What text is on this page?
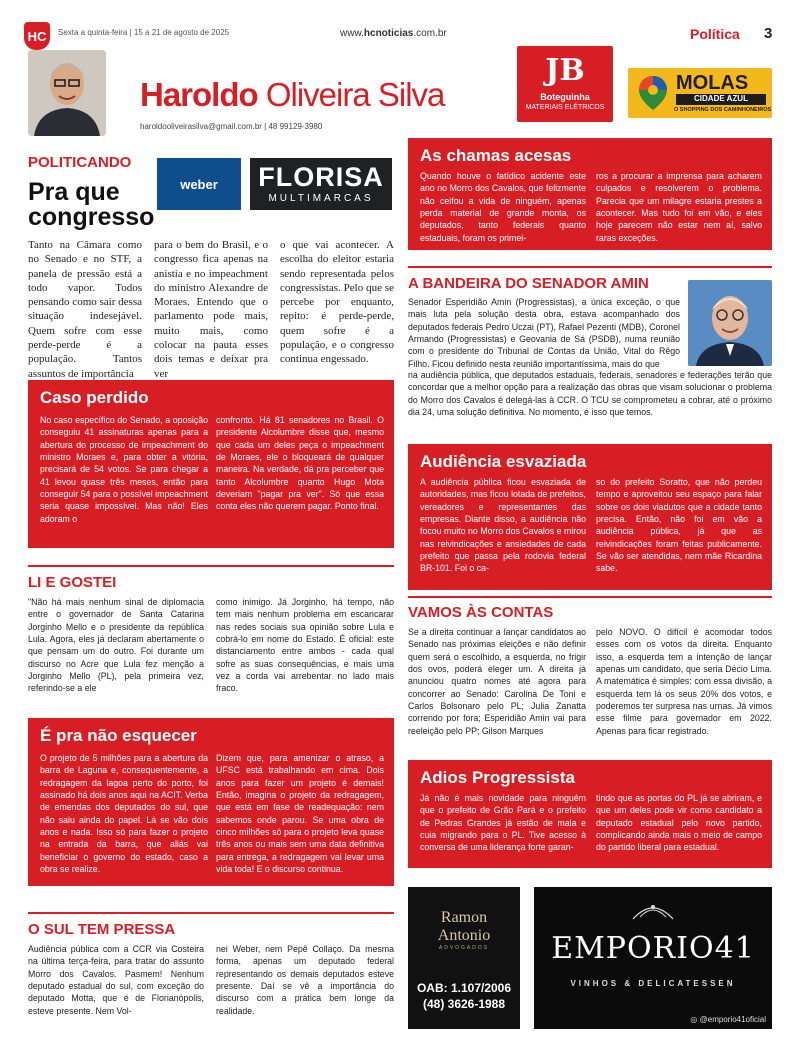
HC	Sexta a quinta-feira | 15 a 21 de agosto de 2025	www.hcnoticias.com.br	Política 3
Haroldo Oliveira Silva
haroldooliveirasilva@gmail.com.br | 48 99129-3980
JB
Boteguinha
MATERIAIS ELÉTRICOS
MOLAS
CIDADE AZUL
O SHOPPING DOS CAMINHONEIROS
POLITICANDO
Pra que
congresso
weber	FLORISA
MULTIMARCAS
Tanto na Câmara como no Senado e no STF, a panela de pressão está a todo vapor. Todos pensando como sair dessa situação indesejável. Quem sofre com esse perde-perde é a população. Tantos assuntos de importância
para o bem do Brasil, e o congresso fica apenas na anistia e no impeachment do ministro Alexandre de Moraes. Entendo que o parlamento pode mais, muito mais, como colocar na pauta esses dois temas e deixar pra ver
o que vai acontecer. A escolha do eleitor estaria sendo representada pelos congressistas. Pelo que se percebe por enquanto, repito: é perde-perde, quem sofre é a população, e o congresso continua engessado.
Caso perdido
No caso específico do Senado, a oposição conseguiu 41 assinaturas apenas para a abertura do processo de impeachment do ministro Moraes e, para obter a vitória, precisará de 54 votos. Se para chegar a 41 levou quase três meses, então para conseguir 54 para o possível impeachment seria quase impossível. Mas não! Eles adoram o
confronto. Há 81 senadores no Brasil. O presidente Alcolumbre disse que, mesmo que cada um deles peça o impeachment de Moraes, ele o bloqueará de qualquer maneira. Na verdade, dá pra perceber que tanto Alcolumbre quanto Hugo Mota deveriam "pagar pra ver". Só que essa conta eles não querem pagar. Ponto final.
LI E GOSTEI
"Não há mais nenhum sinal de diplomacia entre o governador de Santa Catarina Jorginho Mello e o presidente da república Lula. Agora, eles já declaram abertamente o que pensam um do outro. Foi durante um discurso no Acre que Lula fez menção a Jorginho Mello (PL), pela primeira vez, referindo-se a ele
como inimigo. Já Jorginho, há tempo, não tem mais nenhum problema em escancarar nas redes sociais sua opinião sobre Lula e cobrá-lo em nome do Estado. É oficial: este distanciamento entre ambos - cada qual sofre as suas consequências, e mais uma vez a corda vai arrebentar no lado mais fraco.
É pra não esquecer
O projeto de 5 milhões para a abertura da barra de Laguna e, consequentemente, a redragagem da lagoa perto do porto, foi assinado há dois anos aqui na ACIT. Verba de emendas dos deputados do sul, que não saiu ainda do papel. Lá se vão dois anos e nada. Isso só para fazer o projeto na entrada da barra, que aliás vai beneficiar o governo do estado, caso a obra se realize.
Dizem que, para amenizar o atraso, a UFSC está trabalhando em cima. Dois anos para fazer um projeto é demais! Então, imagina o projeto da redragagem, que está em fase de readequação: nem sabemos onde parou. Se uma obra de cinco milhões só para o projeto leva quase três anos ou mais sem uma data definitiva para entrega, a redragagem vai levar uma vida toda! E o discurso continua.
O SUL TEM PRESSA
Audiência pública com a CCR via Costeira na última terça-feira, para tratar do assunto Morro dos Cavalos. Pasmem! Nenhum deputado estadual do sul, com exceção do deputado Motta, que é de Florianópolis, esteve presente. Nem Vol-
nei Weber, nem Pepê Collaço. Da mesma forma, apenas um deputado federal representando os demais deputados esteve presente. Daí se vê a importância do discurso com a prática bem longe da realidade.
As chamas acesas
Quando houve o fatídico acidente este ano no Morro dos Cavalos, que felizmente não ceifou a vida de ninguém, apenas perda material de grande monta, os deputados, tanto federais quanto estaduais, foram os primei-
ros a procurar a imprensa para acharem culpados e resolverem o problema. Parecia que um milagre estaria prestes a acontecer. Mas tudo foi em vão, e eles hoje parecem não estar nem aí, salvo raras exceções.
A BANDEIRA DO SENADOR AMIN
Senador Esperidião Amin (Progressistas), a única exceção, o que mais luta pela solução desta obra, estava acompanhado dos deputados federais Pedro Uczai (PT), Rafael Pezenti (MDB), Coronel Armando (Progressistas) e Geovania de Sá (PSDB), numa reunião com o presidente do Tribunal de Contas da União, Vital do Rêgo Filho. Ficou definido nesta reunião importantíssima, mais do que
na audiência pública, que deputados estaduais, federais, senadores e federações terão que concordar que a melhor opção para a realização das obras que visam solucionar o problema do Morro dos Cavalos é delegá-las à CCR. O TCU se comprometeu a cobrar, até o próximo dia 24, uma solução definitiva. No momento, é isso que temos.
Audiência esvaziada
A audiência pública ficou esvaziada de autoridades, mas ficou lotada de prefeitos, vereadores e representantes das empresas. Diante disso, a audiência não focou muito no Morro dos Cavalos e mirou nas reivindicações e ansiedades de cada prefeito que passa pela rodovia federal BR-101. Foi o ca-
so do prefeito Soratto, que não perdeu tempo e aproveitou seu espaço para falar sobre os dois viadutos que a cidade tanto precisa. Então, não foi em vão a audiência pública, já que as reivindicações foram feitas publicamente. Se vão ser atendidas, nem mãe Ricardina sabe.
VAMOS ÀS CONTAS
Se a direita continuar a lançar candidatos ao Senado nas próximas eleições e não definir quem será o escolhido, a esquerda, no frigir dos ovos, poderá eleger um. A direita já anunciou quatro nomes até agora para concorrer ao Senado: Carolina De Toni e Carlos Bolsonaro pelo PL; Julia Zanatta correndo por fora; Esperidião Amin vai para reeleição pelo PP; Gilson Marques
pelo NOVO. O difícil é acomodar todos esses com os votos da direita. Enquanto isso, a esquerda tem a intenção de lançar apenas um candidato, que seria Décio Lima. A matemática é simples: com essa divisão, a esquerda tem lá os seus 20% dos votos, e poderemos ter surpresa nas urnas. Já vimos esse filme para governador em 2022. Apenas para ficar registrado.
Adios Progressista
Já não é mais novidade para ninguém que o prefeito de Grão Pará e o prefeito de Pedras Grandes já estão de mala e cuia migrando para o PL. Tive acesso à conversa de uma liderança forte garan-
tindo que as portas do PL já se abriram, e que um deles pode vir como candidato a deputado estadual pelo novo partido, complicando ainda mais o meio de campo do partido liberal para estadual.
Ramon
Antonio
ADVOGADOS
OAB: 1.107/2006
(48) 3626-1988
EMPORIO41
VINHOS & DELICATESSEN
◎ @emporio41oficial
